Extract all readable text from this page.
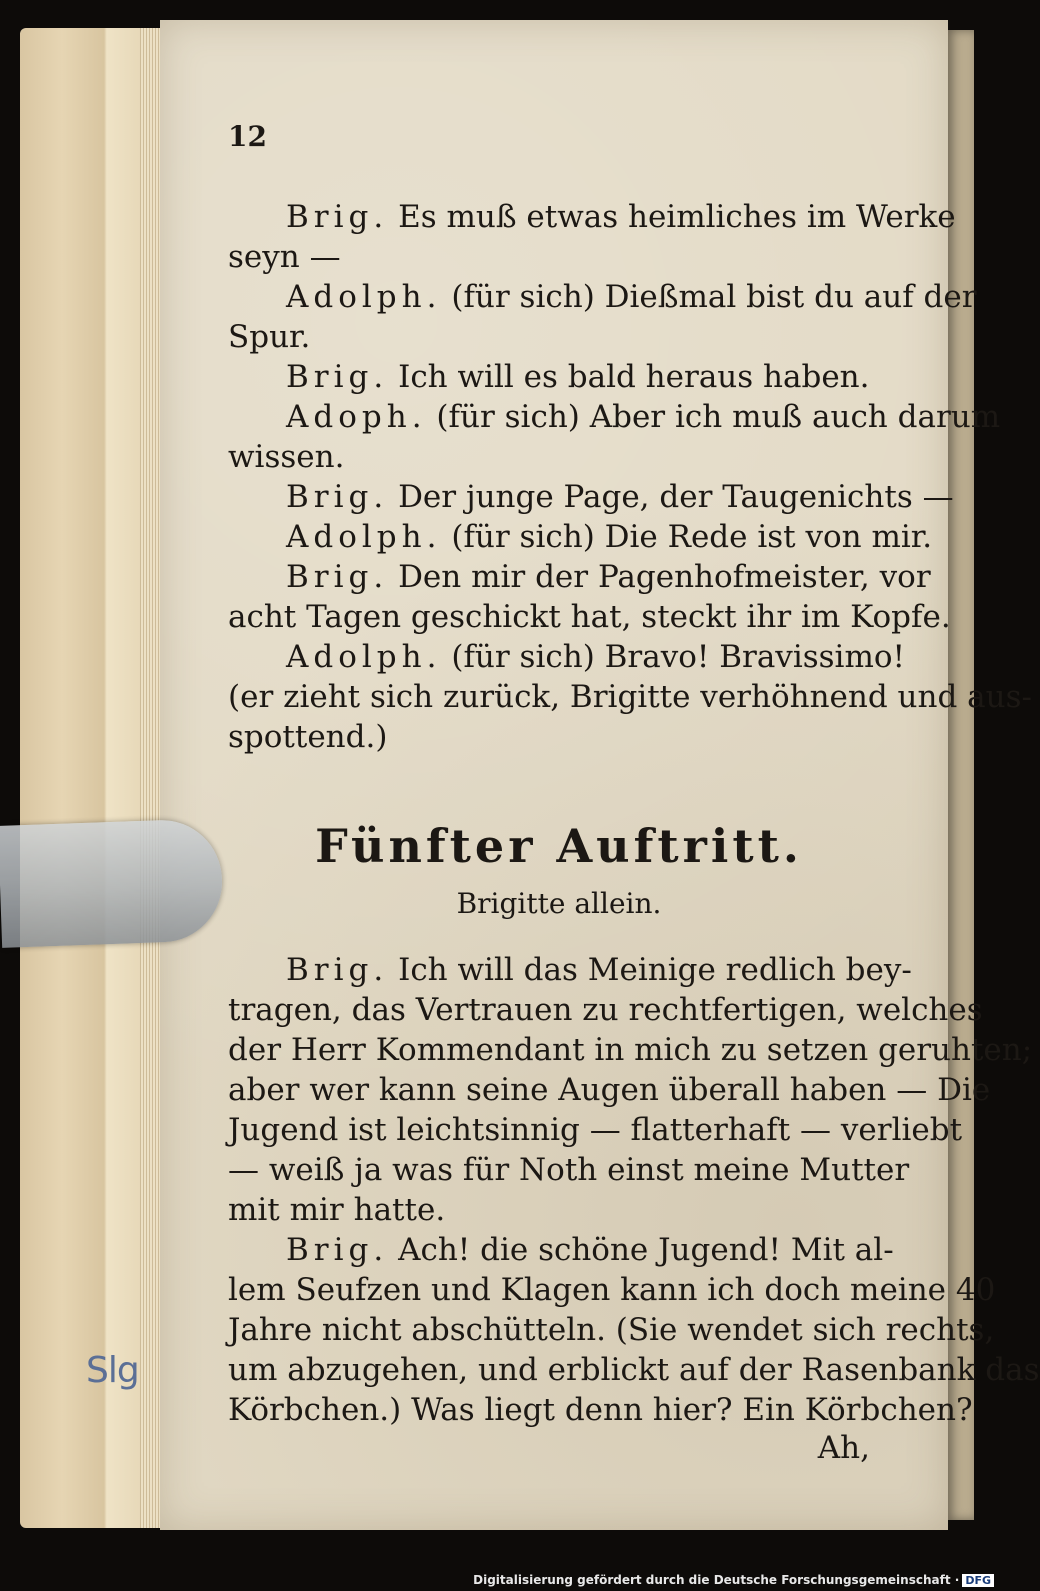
Slg
12

Brig. Es muß etwas heimliches im Werke

seyn —

Adolph. (für sich) Dießmal bist du auf der

Spur.

Brig. Ich will es bald heraus haben.

Adoph. (für sich) Aber ich muß auch darum

wissen.

Brig. Der junge Page, der Taugenichts —

Adolph. (für sich) Die Rede ist von mir.

Brig. Den mir der Pagenhofmeister, vor

acht Tagen geschickt hat, steckt ihr im Kopfe.

Adolph. (für sich) Bravo! Bravissimo!

(er zieht sich zurück, Brigitte verhöhnend und aus-

spottend.)

Fünfter Auftritt.
Brigitte allein.

Brig. Ich will das Meinige redlich bey-

tragen, das Vertrauen zu rechtfertigen, welches

der Herr Kommendant in mich zu setzen geruhten;

aber wer kann seine Augen überall haben — Die

Jugend ist leichtsinnig — flatterhaft — verliebt

— weiß ja was für Noth einst meine Mutter

mit mir hatte.

Brig. Ach! die schöne Jugend! Mit al-

lem Seufzen und Klagen kann ich doch meine 40

Jahre nicht abschütteln. (Sie wendet sich rechts,

um abzugehen, und erblickt auf der Rasenbank das

Körbchen.) Was liegt denn hier? Ein Körbchen?

Ah,
Digitalisierung gefördert durch die Deutsche Forschungsgemeinschaft · DFG
